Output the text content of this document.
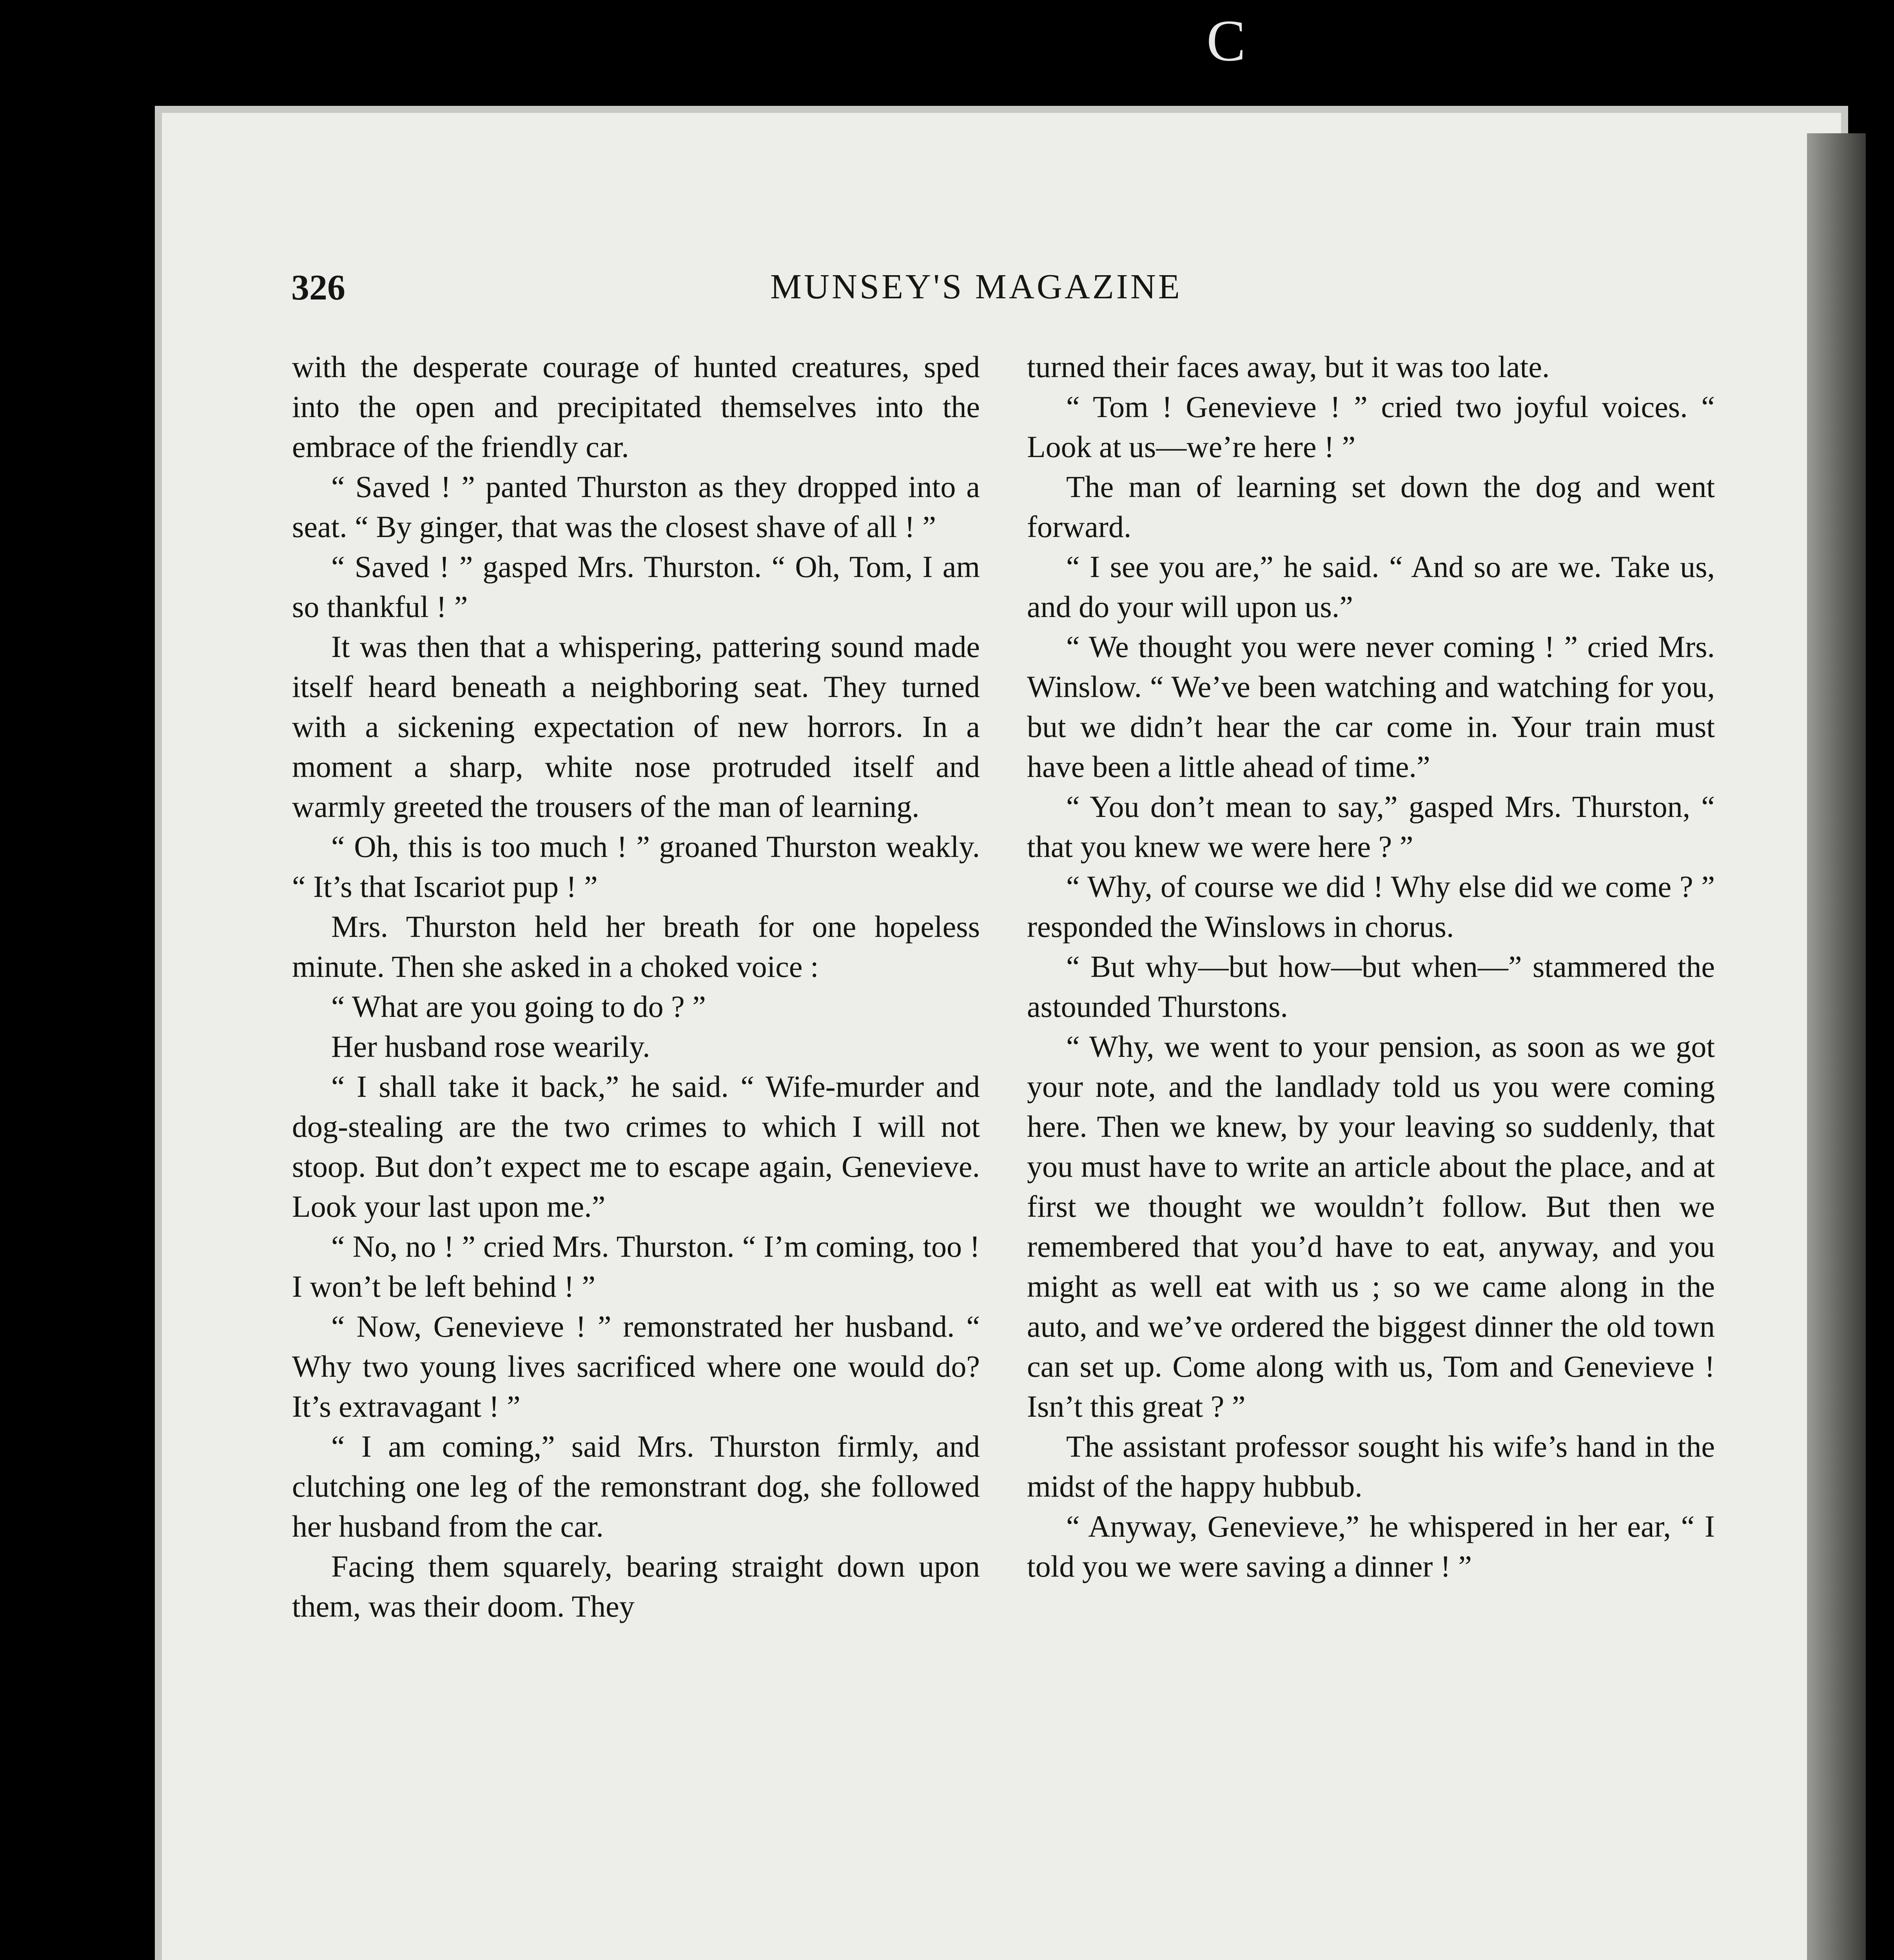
C
326	MUNSEY'S MAGAZINE

with the desperate courage of hunted creatures, sped into the open and precipitated themselves into the embrace of the friendly car.

“ Saved ! ” panted Thurston as they dropped into a seat. “ By ginger, that was the closest shave of all ! ”

“ Saved ! ” gasped Mrs. Thurston. “ Oh, Tom, I am so thankful ! ”

It was then that a whispering, pattering sound made itself heard beneath a neighboring seat. They turned with a sickening expectation of new horrors. In a moment a sharp, white nose protruded itself and warmly greeted the trousers of the man of learning.

“ Oh, this is too much ! ” groaned Thurston weakly. “ It’s that Iscariot pup ! ”

Mrs. Thurston held her breath for one hopeless minute. Then she asked in a choked voice :

“ What are you going to do ? ”

Her husband rose wearily.

“ I shall take it back,” he said. “ Wife-murder and dog-stealing are the two crimes to which I will not stoop. But don’t expect me to escape again, Genevieve. Look your last upon me.”

“ No, no ! ” cried Mrs. Thurston. “ I’m coming, too ! I won’t be left behind ! ”

“ Now, Genevieve ! ” remonstrated her husband. “ Why two young lives sacrificed where one would do? It’s extravagant ! ”

“ I am coming,” said Mrs. Thurston firmly, and clutching one leg of the remonstrant dog, she followed her husband from the car.

Facing them squarely, bearing straight down upon them, was their doom. They

turned their faces away, but it was too late.

“ Tom ! Genevieve ! ” cried two joyful voices. “ Look at us—we’re here ! ”

The man of learning set down the dog and went forward.

“ I see you are,” he said. “ And so are we. Take us, and do your will upon us.”

“ We thought you were never coming ! ” cried Mrs. Winslow. “ We’ve been watching and watching for you, but we didn’t hear the car come in. Your train must have been a little ahead of time.”

“ You don’t mean to say,” gasped Mrs. Thurston, “ that you knew we were here ? ”

“ Why, of course we did ! Why else did we come ? ” responded the Winslows in chorus.

“ But why—but how—but when—” stammered the astounded Thurstons.

“ Why, we went to your pension, as soon as we got your note, and the landlady told us you were coming here. Then we knew, by your leaving so suddenly, that you must have to write an article about the place, and at first we thought we wouldn’t follow. But then we remembered that you’d have to eat, anyway, and you might as well eat with us ; so we came along in the auto, and we’ve ordered the biggest dinner the old town can set up. Come along with us, Tom and Genevieve ! Isn’t this great ? ”

The assistant professor sought his wife’s hand in the midst of the happy hubbub.

“ Anyway, Genevieve,” he whispered in her ear, “ I told you we were saving a dinner ! ”
